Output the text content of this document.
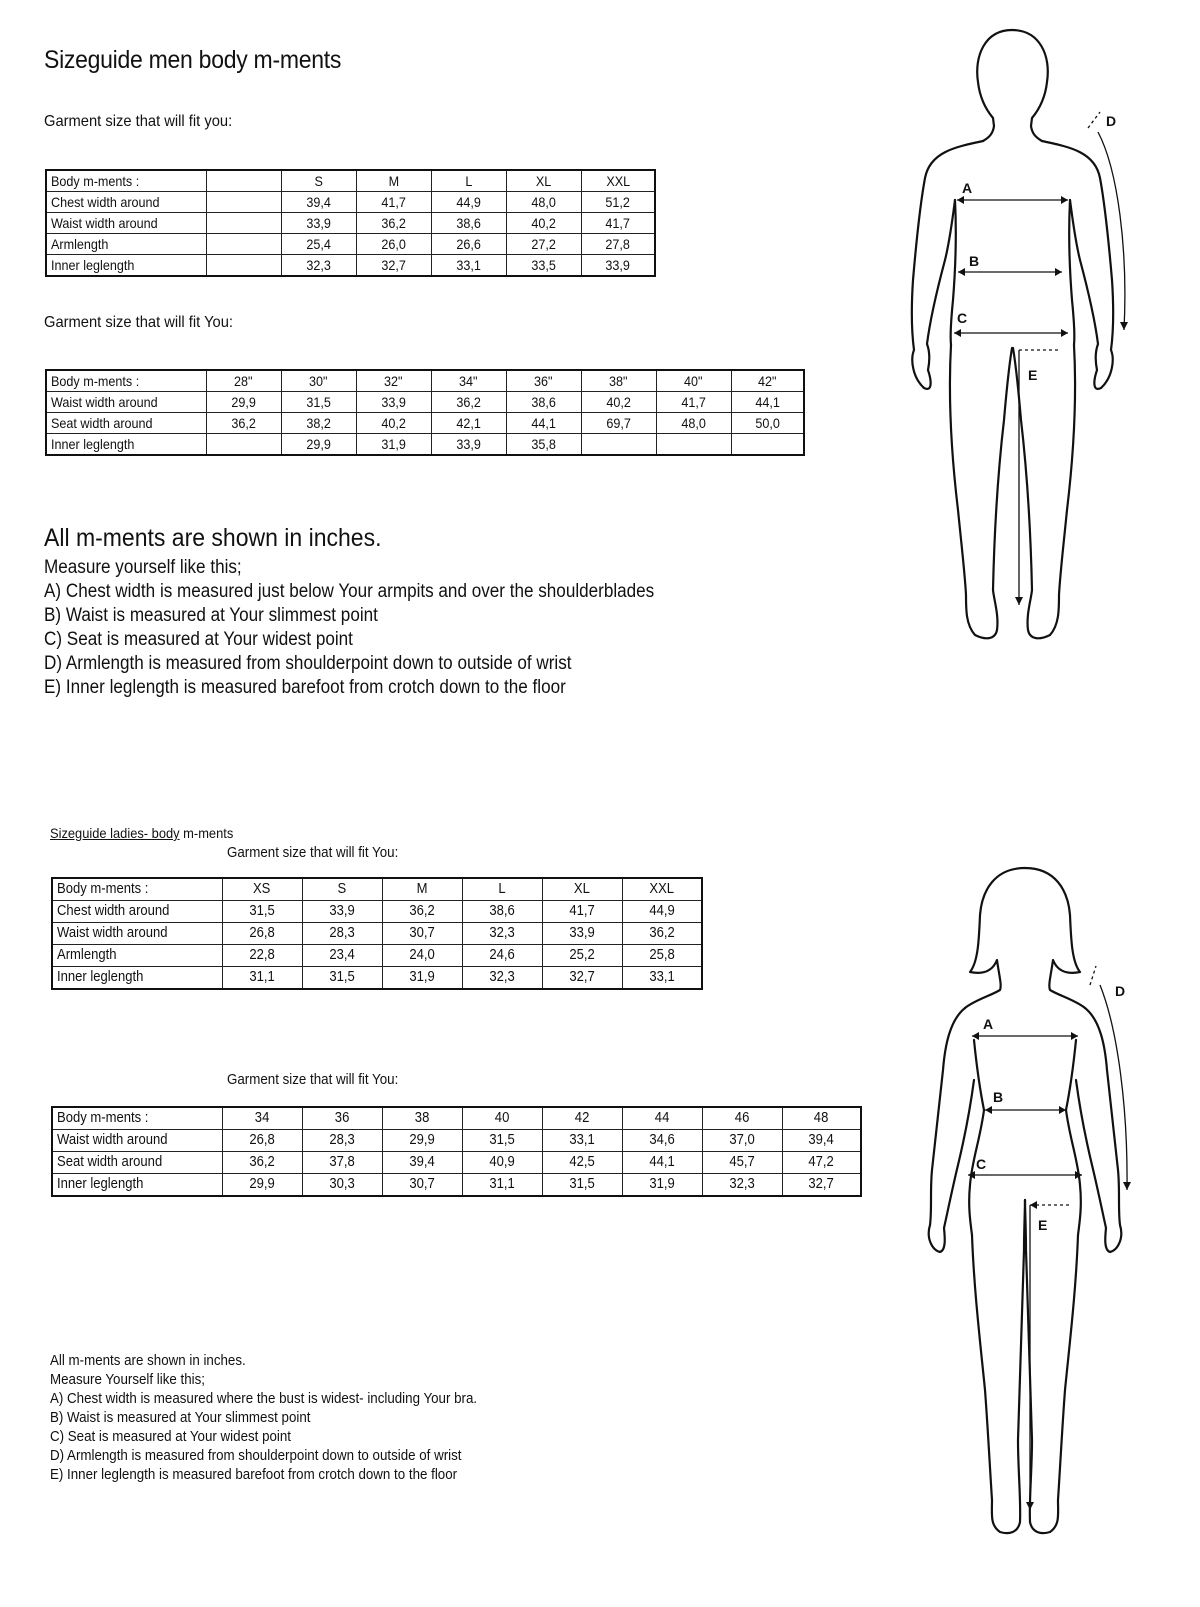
Sizeguide men body m-ments
Garment size that will fit you:
Body m-ments :		S	M	L	XL	XXL
Chest width around		39,4	41,7	44,9	48,0	51,2
Waist width around		33,9	36,2	38,6	40,2	41,7
Armlength		25,4	26,0	26,6	27,2	27,8
Inner leglength		32,3	32,7	33,1	33,5	33,9
Garment size that will fit You:
Body m-ments :	28"	30"	32"	34"	36"	38"	40"	42"
Waist width around	29,9	31,5	33,9	36,2	38,6	40,2	41,7	44,1
Seat width around	36,2	38,2	40,2	42,1	44,1	69,7	48,0	50,0
Inner leglength		29,9	31,9	33,9	35,8			
All m-ments are shown in inches.
Measure yourself like this;
A) Chest width is measured just below Your armpits and over the shoulderblades
B) Waist is measured at Your slimmest point
C) Seat is measured at Your widest point
D) Armlength is measured from shoulderpoint down to outside of wrist
E) Inner leglength is measured barefoot from crotch down to the floor
A
B
C
D
E
Sizeguide ladies- body m-ments
Garment size that will fit You:
Body m-ments :	XS	S	M	L	XL	XXL
Chest width around	31,5	33,9	36,2	38,6	41,7	44,9
Waist width around	26,8	28,3	30,7	32,3	33,9	36,2
Armlength	22,8	23,4	24,0	24,6	25,2	25,8
Inner leglength	31,1	31,5	31,9	32,3	32,7	33,1
Garment size that will fit You:
Body m-ments :	34	36	38	40	42	44	46	48
Waist width around	26,8	28,3	29,9	31,5	33,1	34,6	37,0	39,4
Seat width around	36,2	37,8	39,4	40,9	42,5	44,1	45,7	47,2
Inner leglength	29,9	30,3	30,7	31,1	31,5	31,9	32,3	32,7
All m-ments are shown in inches.
Measure Yourself like this;
A) Chest width is measured where the bust is widest- including Your bra.
B) Waist is measured at Your slimmest point
C) Seat is measured at Your widest point
D) Armlength is measured from shoulderpoint down to outside of wrist
E) Inner leglength is measured barefoot from crotch down to the floor
A
B
C
D
E
